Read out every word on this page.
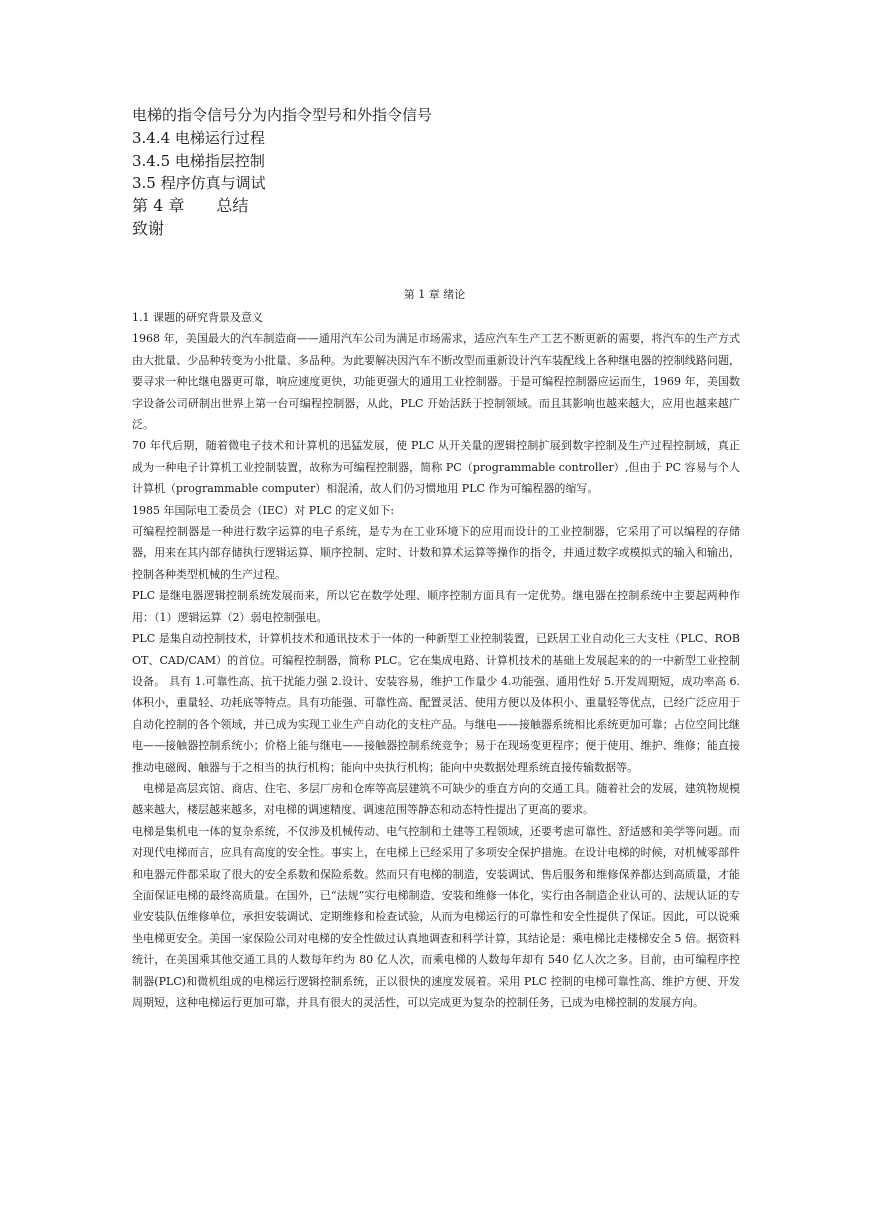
电梯的指令信号分为内指令型号和外指令信号
3.4.4 电梯运行过程
3.4.5 电梯指层控制
3.5 程序仿真与调试
第 4 章　　总结
致谢
第 1 章 绪论

1.1 课题的研究背景及意义

1968 年，美国最大的汽车制造商——通用汽车公司为满足市场需求，适应汽车生产工艺不断更新的需要，将汽车的生产方式由大批量、少品种转变为小批量、多品种。为此要解决因汽车不断改型而重新设计汽车装配线上各种继电器的控制线路问题，要寻求一种比继电器更可靠，响应速度更快，功能更强大的通用工业控制器。于是可编程控制器应运而生，1969 年，美国数字设备公司研制出世界上第一台可编程控制器，从此，PLC 开始活跃于控制领域。而且其影响也越来越大，应用也越来越广泛。

70 年代后期，随着微电子技术和计算机的迅猛发展，使 PLC 从开关量的逻辑控制扩展到数字控制及生产过程控制域，真正成为一种电子计算机工业控制装置，故称为可编程控制器，简称 PC（programmable controller）,但由于 PC 容易与个人计算机（programmable computer）相混淆，故人们仍习惯地用 PLC 作为可编程器的缩写。

1985 年国际电工委员会（IEC）对 PLC 的定义如下:

可编程控制器是一种进行数字运算的电子系统，是专为在工业环境下的应用而设计的工业控制器，它采用了可以编程的存储器，用来在其内部存储执行逻辑运算、顺序控制、定时、计数和算术运算等操作的指令，并通过数字或模拟式的输入和输出，控制各种类型机械的生产过程。

PLC 是继电器逻辑控制系统发展而来，所以它在数学处理、顺序控制方面具有一定优势。继电器在控制系统中主要起两种作用：（1）逻辑运算（2）弱电控制强电。

PLC 是集自动控制技术，计算机技术和通讯技术于一体的一种新型工业控制装置，已跃居工业自动化三大支柱（PLC、ROBOT、CAD/CAM）的首位。可编程控制器，简称 PLC。它在集成电路、计算机技术的基础上发展起来的的一中新型工业控制设备。 具有 1.可靠性高、抗干扰能力强 2.设计、安装容易，维护工作量少 4.功能强、通用性好 5.开发周期短，成功率高 6.体积小，重量轻、功耗底等特点。具有功能强、可靠性高、配置灵活、使用方便以及体积小、重量轻等优点，已经广泛应用于自动化控制的各个领域，并已成为实现工业生产自动化的支柱产品。与继电——接触器系统相比系统更加可靠；占位空间比继电——接触器控制系统小；价格上能与继电——接触器控制系统竞争；易于在现场变更程序；便于使用、维护、维修；能直接推动电磁阀、触器与于之相当的执行机构；能向中央执行机构；能向中央数据处理系统直接传输数据等。

电梯是高层宾馆、商店、住宅、多层厂房和仓库等高层建筑不可缺少的垂直方向的交通工具。随着社会的发展，建筑物规模越来越大，楼层越来越多，对电梯的调速精度、调速范围等静态和动态特性提出了更高的要求。

电梯是集机电一体的复杂系统，不仅涉及机械传动、电气控制和土建等工程领域，还要考虑可靠性、舒适感和美学等问题。而对现代电梯而言，应具有高度的安全性。事实上，在电梯上已经采用了多项安全保护措施。在设计电梯的时候，对机械零部件和电器元件都采取了很大的安全系数和保险系数。然而只有电梯的制造，安装调试、售后服务和维修保养都达到高质量，才能全面保证电梯的最终高质量。在国外，已“法规”实行电梯制造、安装和维修一体化，实行由各制造企业认可的、法规认证的专业安装队伍维修单位，承担安装调试、定期维修和检查试验，从而为电梯运行的可靠性和安全性提供了保证。因此，可以说乘坐电梯更安全。美国一家保险公司对电梯的安全性做过认真地调查和科学计算，其结论是：乘电梯比走楼梯安全 5 倍。据资料统计，在美国乘其他交通工具的人数每年约为 80 亿人次，而乘电梯的人数每年却有 540 亿人次之多。目前，由可编程序控制器(PLC)和微机组成的电梯运行逻辑控制系统，正以很快的速度发展着。采用 PLC 控制的电梯可靠性高、维护方便、开发周期短，这种电梯运行更加可靠，并具有很大的灵活性，可以完成更为复杂的控制任务，已成为电梯控制的发展方向。
